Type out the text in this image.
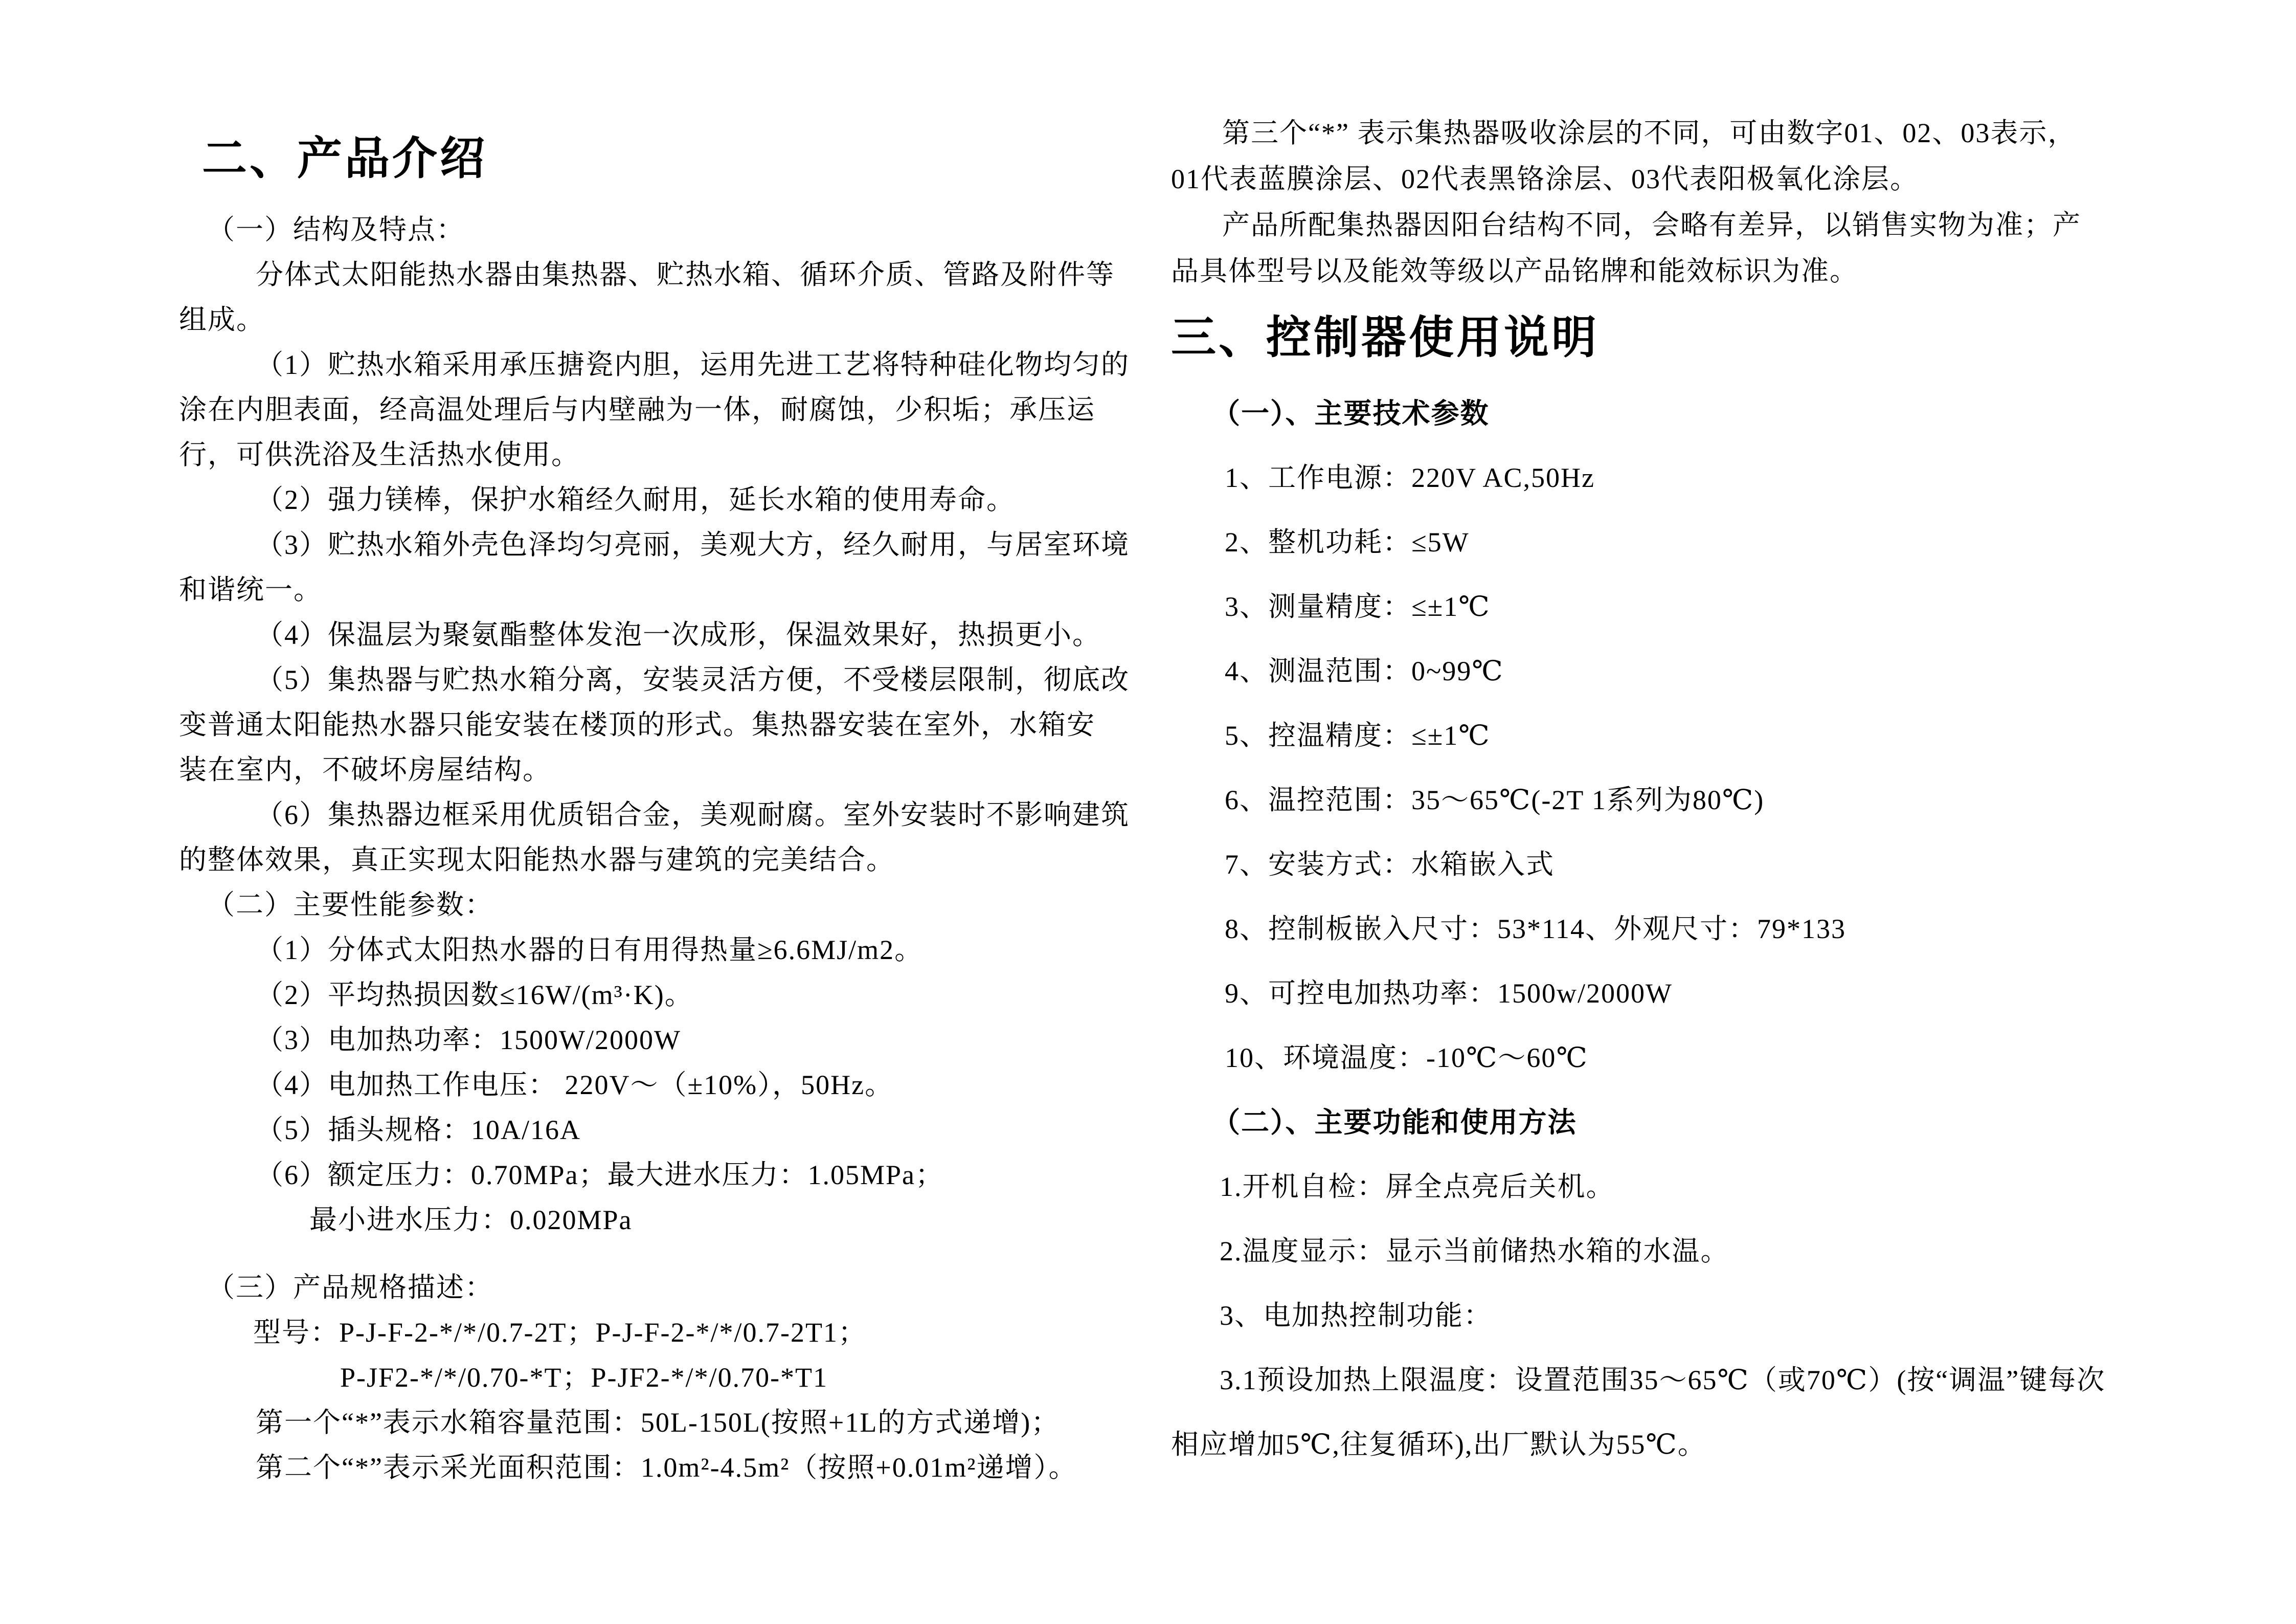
二、产品介绍
（一）结构及特点：
分体式太阳能热水器由集热器、贮热水箱、循环介质、管路及附件等
组成。
（1）贮热水箱采用承压搪瓷内胆，运用先进工艺将特种硅化物均匀的
涂在内胆表面，经高温处理后与内壁融为一体，耐腐蚀，少积垢；承压运
行，可供洗浴及生活热水使用。
（2）强力镁棒，保护水箱经久耐用，延长水箱的使用寿命。
（3）贮热水箱外壳色泽均匀亮丽，美观大方，经久耐用，与居室环境
和谐统一。
（4）保温层为聚氨酯整体发泡一次成形，保温效果好，热损更小。
（5）集热器与贮热水箱分离，安装灵活方便，不受楼层限制，彻底改
变普通太阳能热水器只能安装在楼顶的形式。集热器安装在室外，水箱安
装在室内，不破坏房屋结构。
（6）集热器边框采用优质铝合金，美观耐腐。室外安装时不影响建筑
的整体效果，真正实现太阳能热水器与建筑的完美结合。
（二）主要性能参数：
（1）分体式太阳热水器的日有用得热量≥6.6MJ/m2。
（2）平均热损因数≤16W/(m³·K)。
（3）电加热功率：1500W/2000W
（4）电加热工作电压： 220V～（±10%），50Hz。
（5）插头规格：10A/16A
（6）额定压力：0.70MPa；最大进水压力：1.05MPa；
最小进水压力：0.020MPa
（三）产品规格描述：
型号：P-J-F-2-*/*/0.7-2T；P-J-F-2-*/*/0.7-2T1；
P-JF2-*/*/0.70-*T；P-JF2-*/*/0.70-*T1
第一个“*”表示水箱容量范围：50L-150L(按照+1L的方式递增)；
第二个“*”表示采光面积范围：1.0m²-4.5m²（按照+0.01m²递增）。
第三个“*” 表示集热器吸收涂层的不同，可由数字01、02、03表示，
01代表蓝膜涂层、02代表黑铬涂层、03代表阳极氧化涂层。
产品所配集热器因阳台结构不同，会略有差异，以销售实物为准；产
品具体型号以及能效等级以产品铭牌和能效标识为准。
三、控制器使用说明
（一）、主要技术参数
1、工作电源：220V AC,50Hz
2、整机功耗：≤5W
3、测量精度：≤±1℃
4、测温范围：0~99℃
5、控温精度：≤±1℃
6、温控范围：35～65℃(-2T 1系列为80℃)
7、安装方式：水箱嵌入式
8、控制板嵌入尺寸：53*114、外观尺寸：79*133
9、可控电加热功率：1500w/2000W
10、环境温度：-10℃～60℃
（二）、主要功能和使用方法
1.开机自检：屏全点亮后关机。
2.温度显示：显示当前储热水箱的水温。
3、电加热控制功能：
3.1预设加热上限温度：设置范围35～65℃（或70℃）(按“调温”键每次
相应增加5℃,往复循环),出厂默认为55℃。
